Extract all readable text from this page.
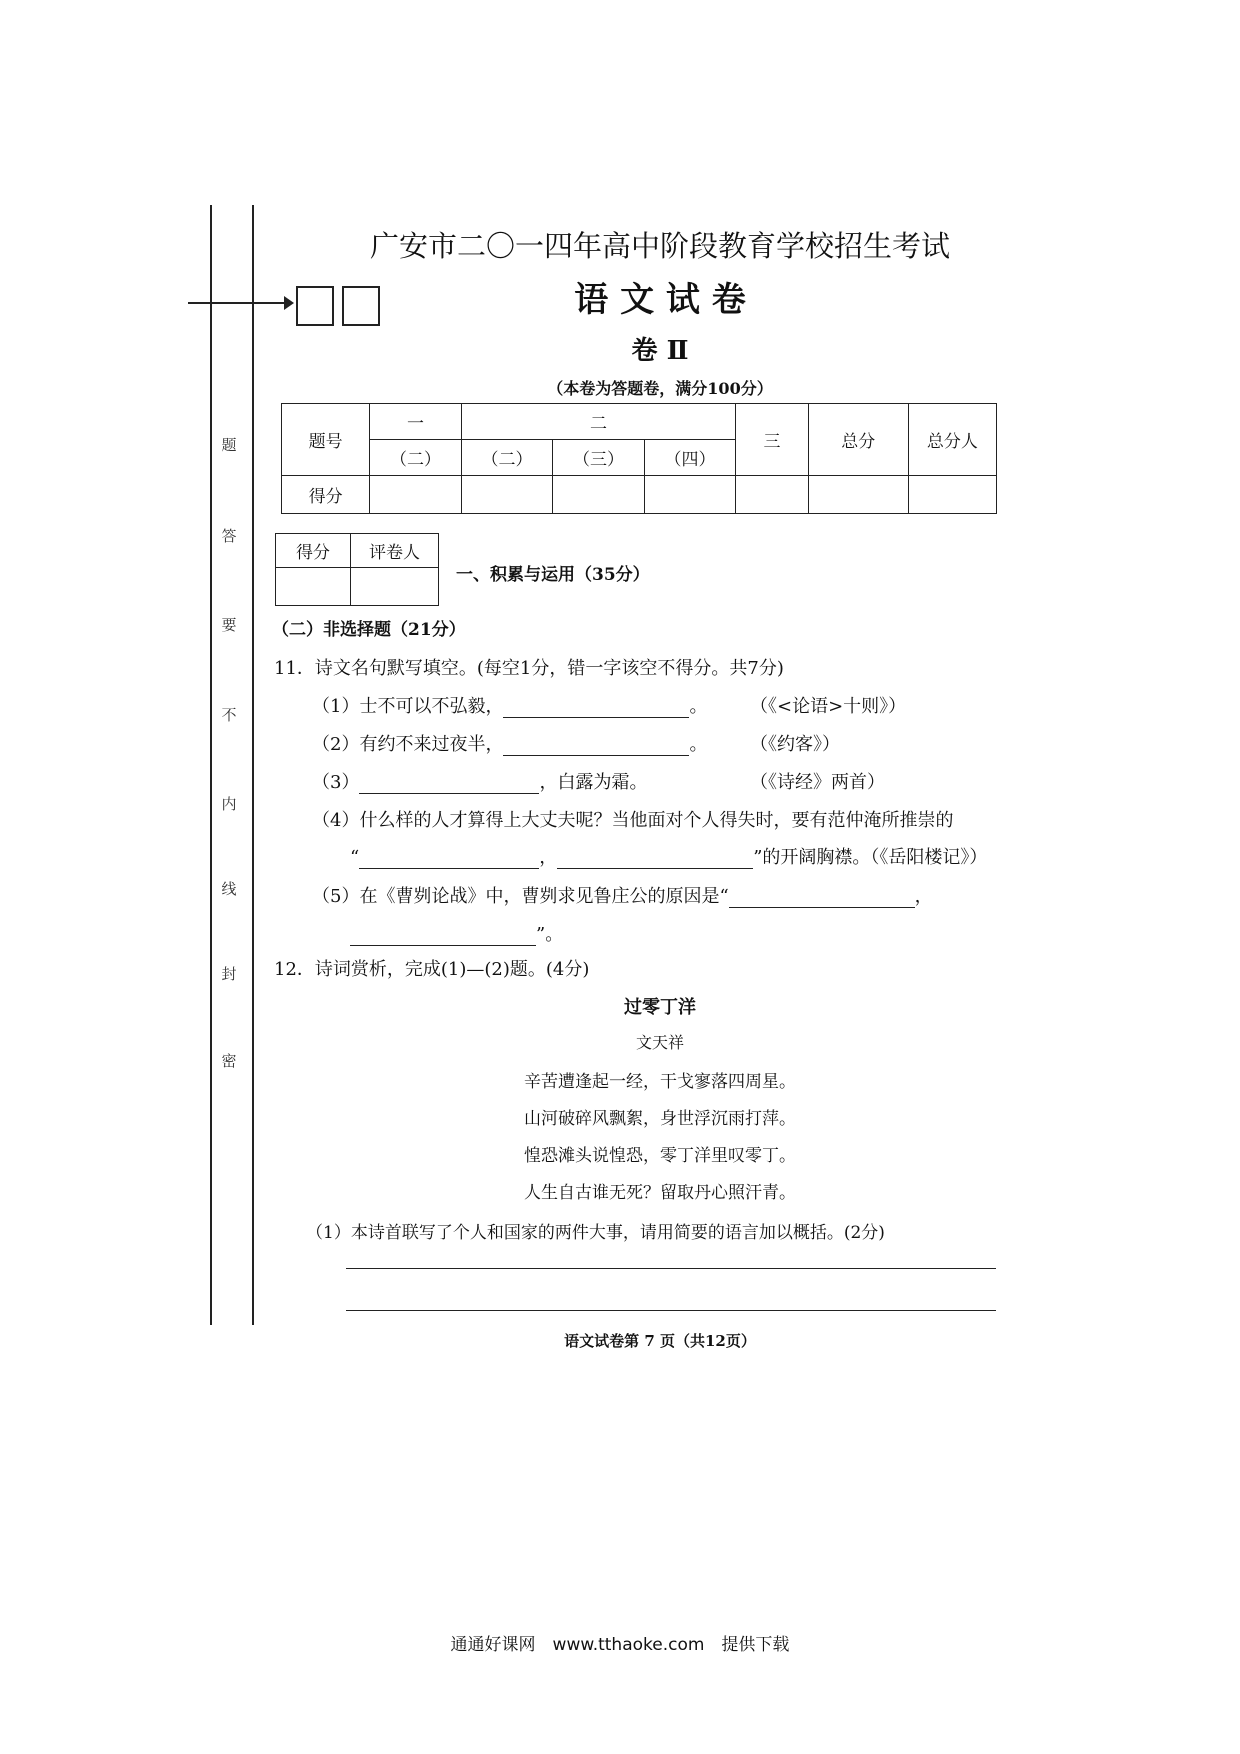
题
答
要
不
内
线
封
密
广安市二〇一四年高中阶段教育学校招生考试
语 文 试 卷
卷 Ⅱ
（本卷为答题卷，满分100分）
题号	一	二			三	总分	总分人
	（二）	（二）	（三）	（四）			
得分							
得分	评卷人

一、积累与运用（35分）
（二）非选择题（21分）
11．诗文名句默写填空。(每空1分，错一字该空不得分。共7分)
（1）士不可以不弘毅，	。 （《<论语>十则》）
（2）有约不来过夜半，	。 （《约客》）
（3）	，白露为霜。	（《诗经》两首）
（4）什么样的人才算得上大丈夫呢？当他面对个人得失时，要有范仲淹所推崇的
“	，	”的开阔胸襟。（《岳阳楼记》）
（5）在《曹刿论战》中，曹刿求见鲁庄公的原因是“	，
”。
12．诗词赏析，完成(1)—(2)题。(4分)
过零丁洋
文天祥
辛苦遭逢起一经，干戈寥落四周星。
山河破碎风飘絮，身世浮沉雨打萍。
惶恐滩头说惶恐，零丁洋里叹零丁。
人生自古谁无死？留取丹心照汗青。
（1）本诗首联写了个人和国家的两件大事，请用简要的语言加以概括。(2分)
语文试卷第 7 页（共12页）
通通好课网　www.tthaoke.com　提供下载
